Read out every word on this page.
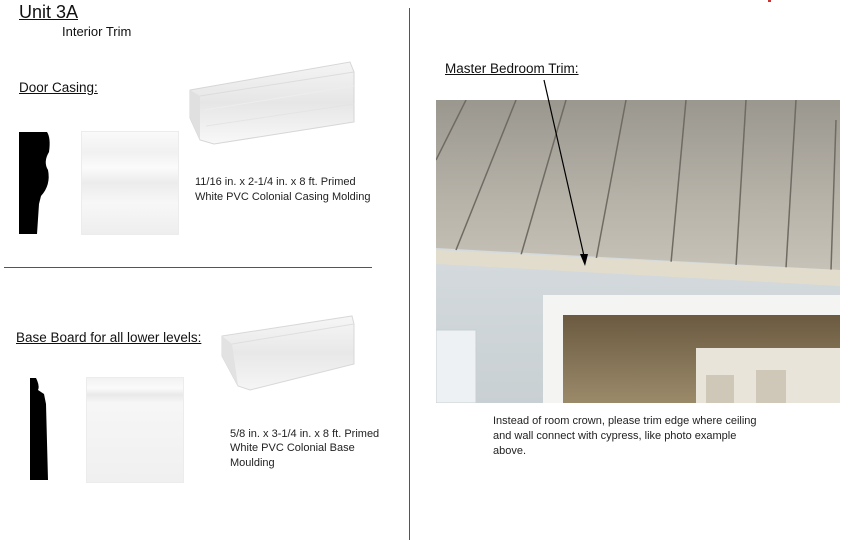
Unit 3A
Interior Trim
Door Casing:
11/16 in. x 2-1/4 in. x 8 ft. Primed
White PVC Colonial Casing Molding
Base Board for all lower levels:
5/8 in. x 3-1/4 in. x 8 ft. Primed
White PVC Colonial Base
Moulding
Master Bedroom Trim:
Instead of room crown, please trim edge where ceiling
and wall connect with cypress, like photo example
above.
